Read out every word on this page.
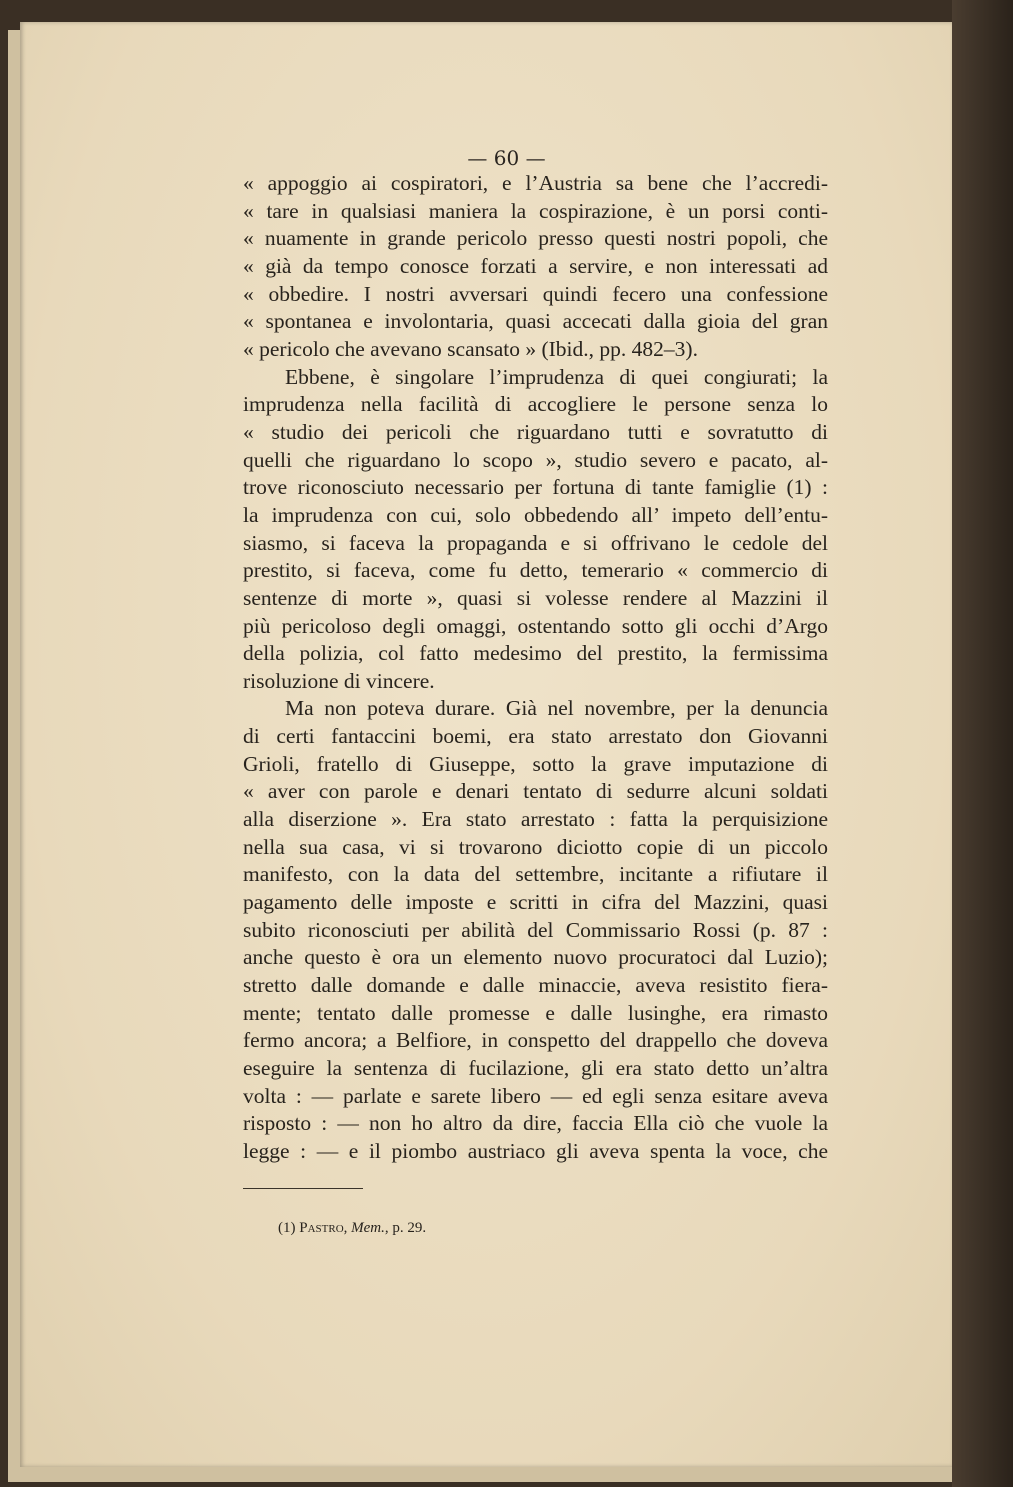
— 60 —
« appoggio ai cospiratori, e l’Austria sa bene che l’accredi-
« tare in qualsiasi maniera la cospirazione, è un porsi conti-
« nuamente in grande pericolo presso questi nostri popoli, che
« già da tempo conosce forzati a servire, e non interessati ad
« obbedire. I nostri avversari quindi fecero una confessione
« spontanea e involontaria, quasi accecati dalla gioia del gran
« pericolo che avevano scansato » (Ibid., pp. 482–3).
Ebbene, è singolare l’imprudenza di quei congiurati; la
imprudenza nella facilità di accogliere le persone senza lo
« studio dei pericoli che riguardano tutti e sovratutto di
quelli che riguardano lo scopo », studio severo e pacato, al-
trove riconosciuto necessario per fortuna di tante famiglie (1) :
la imprudenza con cui, solo obbedendo all’ impeto dell’entu-
siasmo, si faceva la propaganda e si offrivano le cedole del
prestito, si faceva, come fu detto, temerario « commercio di
sentenze di morte », quasi si volesse rendere al Mazzini il
più pericoloso degli omaggi, ostentando sotto gli occhi d’Argo
della polizia, col fatto medesimo del prestito, la fermissima
risoluzione di vincere.
Ma non poteva durare. Già nel novembre, per la denuncia
di certi fantaccini boemi, era stato arrestato don Giovanni
Grioli, fratello di Giuseppe, sotto la grave imputazione di
« aver con parole e denari tentato di sedurre alcuni soldati
alla diserzione ». Era stato arrestato : fatta la perquisizione
nella sua casa, vi si trovarono diciotto copie di un piccolo
manifesto, con la data del settembre, incitante a rifiutare il
pagamento delle imposte e scritti in cifra del Mazzini, quasi
subito riconosciuti per abilità del Commissario Rossi (p. 87 :
anche questo è ora un elemento nuovo procuratoci dal Luzio);
stretto dalle domande e dalle minaccie, aveva resistito fiera-
mente; tentato dalle promesse e dalle lusinghe, era rimasto
fermo ancora; a Belfiore, in conspetto del drappello che doveva
eseguire la sentenza di fucilazione, gli era stato detto un’altra
volta : — parlate e sarete libero — ed egli senza esitare aveva
risposto : — non ho altro da dire, faccia Ella ciò che vuole la
legge : — e il piombo austriaco gli aveva spenta la voce, che
(1) Pastro, Mem., p. 29.
